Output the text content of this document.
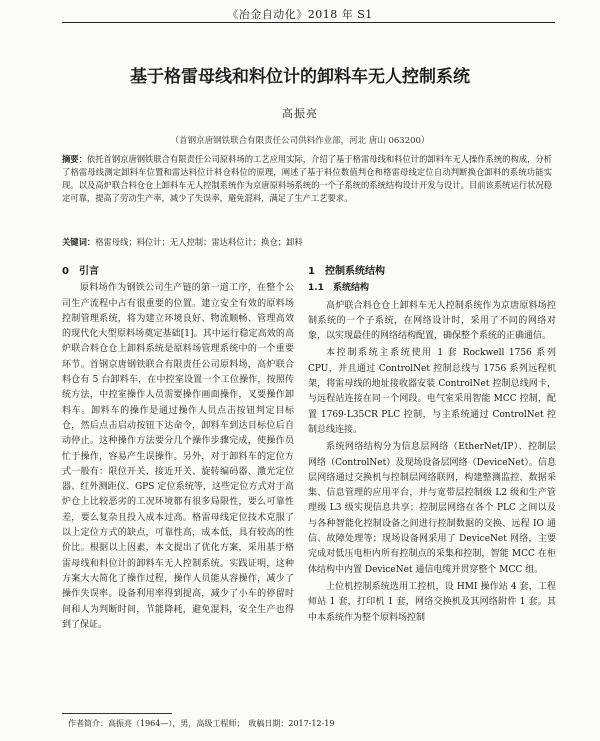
《冶金自动化》2018 年 S1
基于格雷母线和料位计的卸料车无人控制系统
高振亮
（首钢京唐钢铁联合有限责任公司供料作业部，河北 唐山 063200）
摘要：依托首钢京唐钢铁联合有限责任公司原料场的工艺应用实际，介绍了基于格雷母线和料位计的卸料车无人操作系统的构成，分析了格雷母线测定卸料车位置和雷达料位计料仓料位的原理，阐述了基于料位数值判仓和格雷母线定位自动判断换仓卸料的系统功能实现。以及高炉联合料仓仓上卸料车无人控制系统作为京唐原料场系统的一个子系统的系统结构设计开发与设计。目前该系统运行状况稳定可靠，提高了劳动生产率，减少了失误率，避免混料，满足了生产工艺要求。
关键词：格雷母线；料位计；无人控制；雷达料位计；换仓；卸料
0　引言

原料场作为钢铁公司生产链的第一道工序，在整个公司生产流程中占有很重要的位置。建立安全有效的原料场控制管理系统，将为建立环境良好、物流顺畅、管理高效的现代化大型原料场奠定基础[1]。其中运行稳定高效的高炉联合料仓仓上卸料系统是原料场管理系统中的一个重要环节。首钢京唐钢铁联合有限责任公司原料场，高炉联合料仓有 5 台卸料车，在中控室设置一个工位操作，按照传统方法，中控室操作人员需要操作画面操作，叉要操作卸料车。卸料车的操作是通过操作人员点击按钮判定目标仓，然后点击启动按钮下达命令，卸料车到达目标位后自动停止。这种操作方法要分几个操作步骤完成，使操作员忙于操作，容易产生误操作。另外，对于卸料车的定位方式一般有：限位开关、接近开关、旋转编码器、激光定位器、红外测距仪、GPS 定位系统等，这些定位方式对于高炉仓上比较恶劣的工况环境都有很多局限性，要么可靠性差，要么复杂且投入成本过高。格雷母线定位技术克服了以上定位方式的缺点，可靠性高，成本低，具有较高的性价比。根据以上因素，本文提出了优化方案，采用基于格雷母线和料位计的卸料车无人控制系统。实践证明，这种方案大大简化了操作过程，操作人员能从容操作，减少了操作失误率。设备利用率得到提高，减少了小车的停留时间和人为判断时间，节能降耗，避免混料，安全生产也得到了保证。

1　控制系统结构
1.1　系统结构

高炉联合料仓仓上卸料车无人控制系统作为京唐原料场控制系统的一个子系统，在网络设计时，采用了不同的网络对象，以实现最佳的网络结构配置，确保整个系统的正确通信。

本控制系统主系统使用 1 套 Rockwell 1756 系列 CPU，并且通过 ControlNet 控制总线与 1756 系列远程机架，将雷母线的地址接收器安装 ControlNet 控制总线网卡，与远程站连接在同一个网段。电气室采用智能 MCC 控制，配置 1769-L35CR PLC 控制，与主系统通过 ControlNet 控制总线连接。

系统网络结构分为信息层网络（EtherNet/IP）、控制层网络（ControlNet）及现场设备层网络（DeviceNet）。信息层网络通过交换机与控制层网络联网，构建整测监控、数据采集、信息管理的应用平台，并与宽带层控制级 L2 级和生产管理级 L3 级实现信息共享；控制层网络在各个 PLC 之间以及与各种智能化控制设备之间进行控制数据的交换、远程 IO 通信、故障处理等；现场设备网采用了 DeviceNet 网络，主要完成对低压电柜内所有控制点的采集和控制，智能 MCC 在柜体结构中内置 DeviceNet 通信电缆并贯穿整个 MCC 组。

上位机控制系统选用工控机，设 HMI 操作站 4 套，工程师站 1 套，打印机 1 套，网络交换机及其网络附件 1 套。其中本系统作为整个原料场控制

作者简介：高振亮（1964—），男，高级工程师；　收稿日期：2017-12-19
